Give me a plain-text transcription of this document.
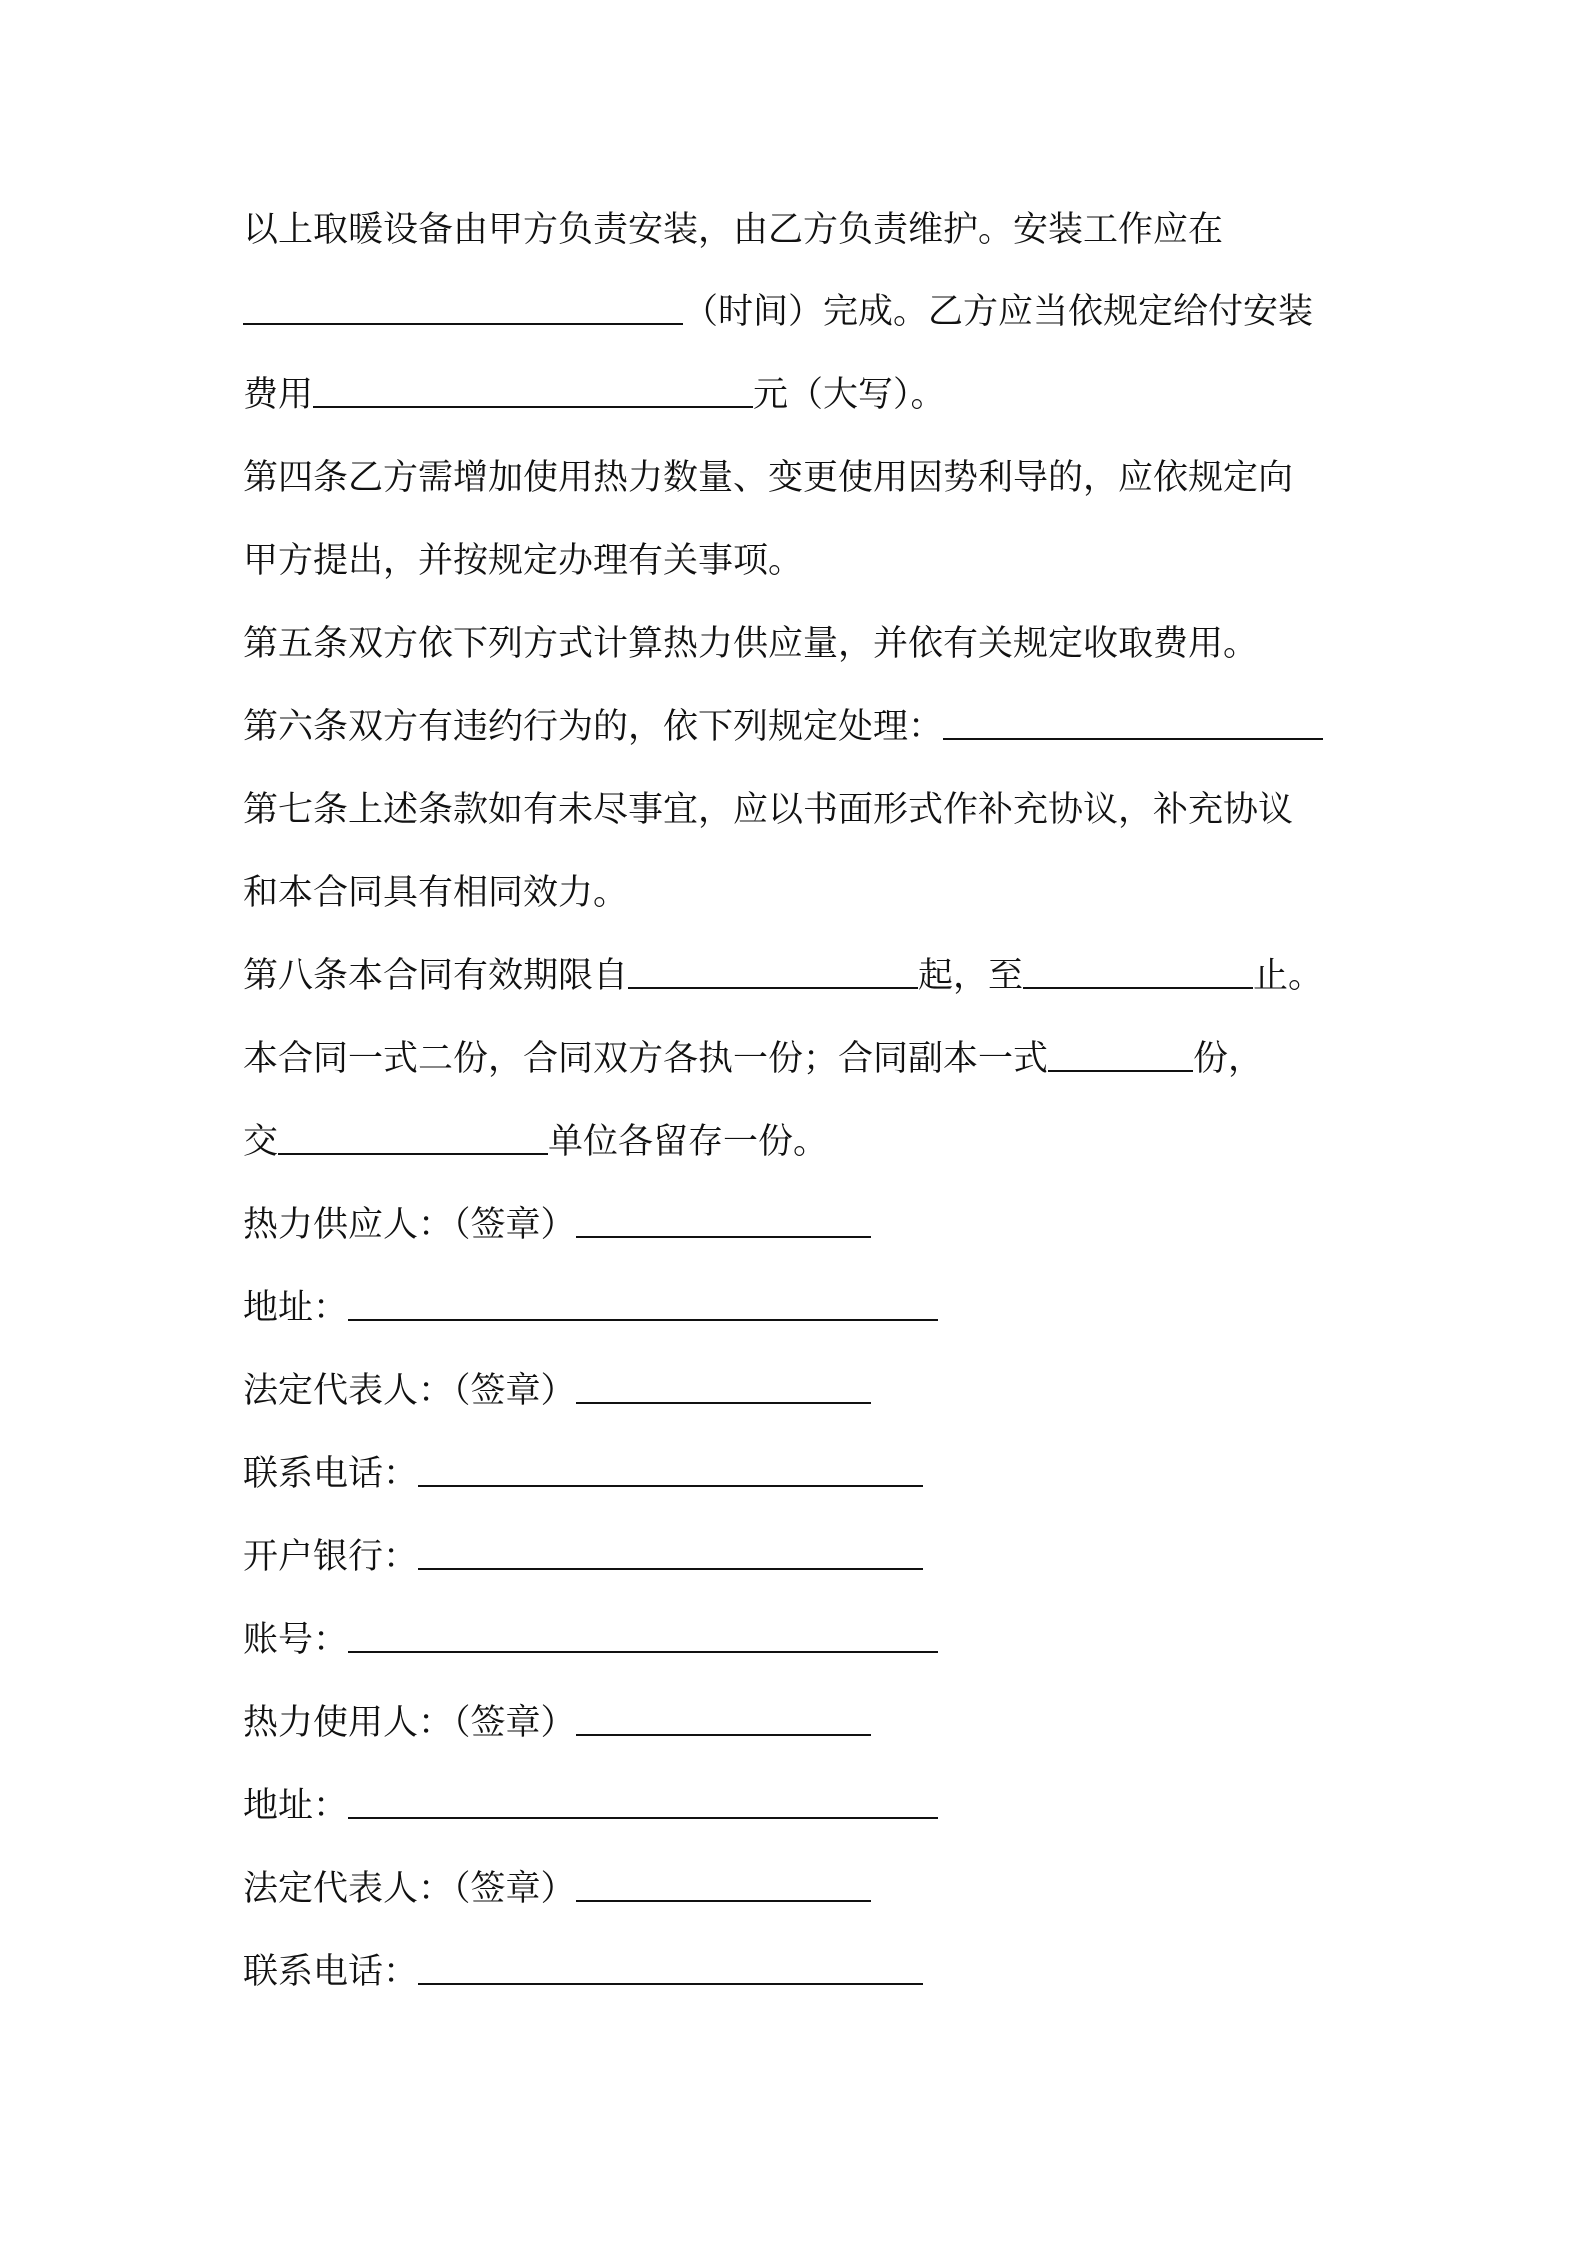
以上取暖设备由甲方负责安装，由乙方负责维护。安装工作应在
（时间）完成。乙方应当依规定给付安装
费用	元（大写）。
第四条乙方需增加使用热力数量、变更使用因势利导的，应依规定向
甲方提出，并按规定办理有关事项。
第五条双方依下列方式计算热力供应量，并依有关规定收取费用。
第六条双方有违约行为的，依下列规定处理：
第七条上述条款如有未尽事宜，应以书面形式作补充协议，补充协议
和本合同具有相同效力。
第八条本合同有效期限自	起，至	止。
本合同一式二份，合同双方各执一份；合同副本一式	份，
交	单位各留存一份。
热力供应人：（签章）
地址：
法定代表人：（签章）
联系电话：
开户银行：
账号：
热力使用人：（签章）
地址：
法定代表人：（签章）
联系电话：
